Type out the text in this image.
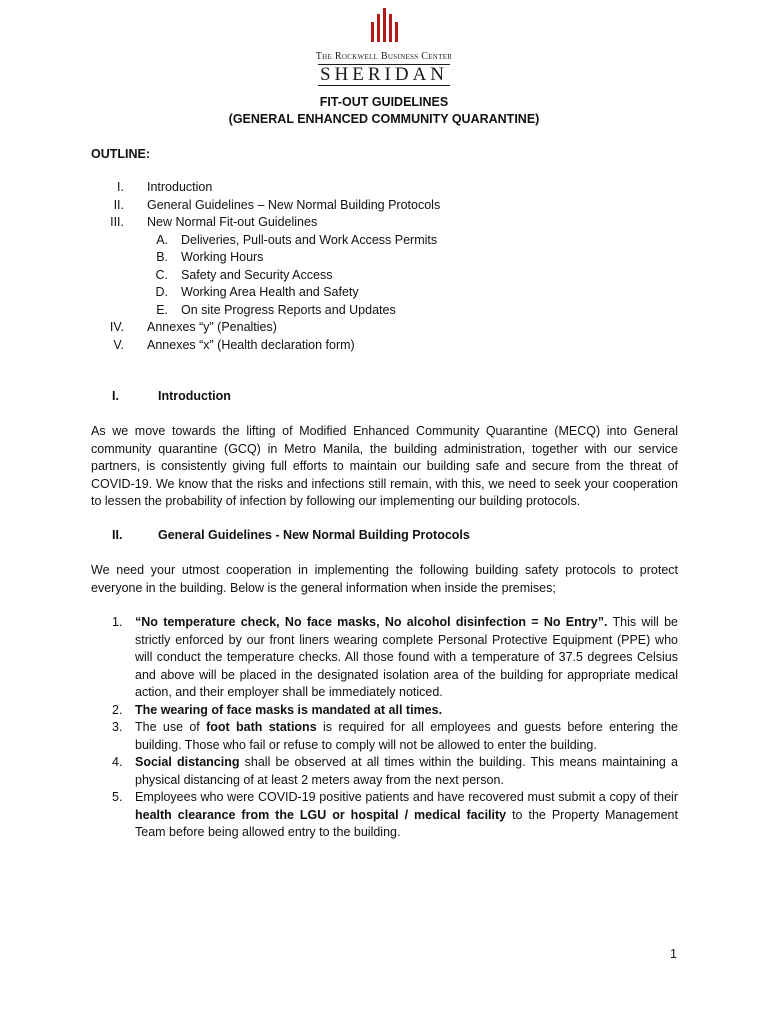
The Rockwell Business Center
SHERIDAN
FIT-OUT GUIDELINES
(GENERAL ENHANCED COMMUNITY QUARANTINE)
OUTLINE:
I. Introduction
II. General Guidelines – New Normal Building Protocols
III. New Normal Fit-out Guidelines
A. Deliveries, Pull-outs and Work Access Permits
B. Working Hours
C. Safety and Security Access
D. Working Area Health and Safety
E. On site Progress Reports and Updates
IV. Annexes “y” (Penalties)
V. Annexes “x” (Health declaration form)
I.	Introduction
As we move towards the lifting of Modified Enhanced Community Quarantine (MECQ) into General community quarantine (GCQ) in Metro Manila, the building administration, together with our service partners, is consistently giving full efforts to maintain our building safe and secure from the threat of COVID-19. We know that the risks and infections still remain, with this, we need to seek your cooperation to lessen the probability of infection by following our implementing our building protocols.
II.	General Guidelines - New Normal Building Protocols
We need your utmost cooperation in implementing the following building safety protocols to protect everyone in the building. Below is the general information when inside the premises;
1. “No temperature check, No face masks, No alcohol disinfection = No Entry”. This will be strictly enforced by our front liners wearing complete Personal Protective Equipment (PPE) who will conduct the temperature checks. All those found with a temperature of 37.5 degrees Celsius and above will be placed in the designated isolation area of the building for appropriate medical action, and their employer shall be immediately noticed.
2. The wearing of face masks is mandated at all times.
3. The use of foot bath stations is required for all employees and guests before entering the building. Those who fail or refuse to comply will not be allowed to enter the building.
4. Social distancing shall be observed at all times within the building. This means maintaining a physical distancing of at least 2 meters away from the next person.
5. Employees who were COVID-19 positive patients and have recovered must submit a copy of their health clearance from the LGU or hospital / medical facility to the Property Management Team before being allowed entry to the building.
1
